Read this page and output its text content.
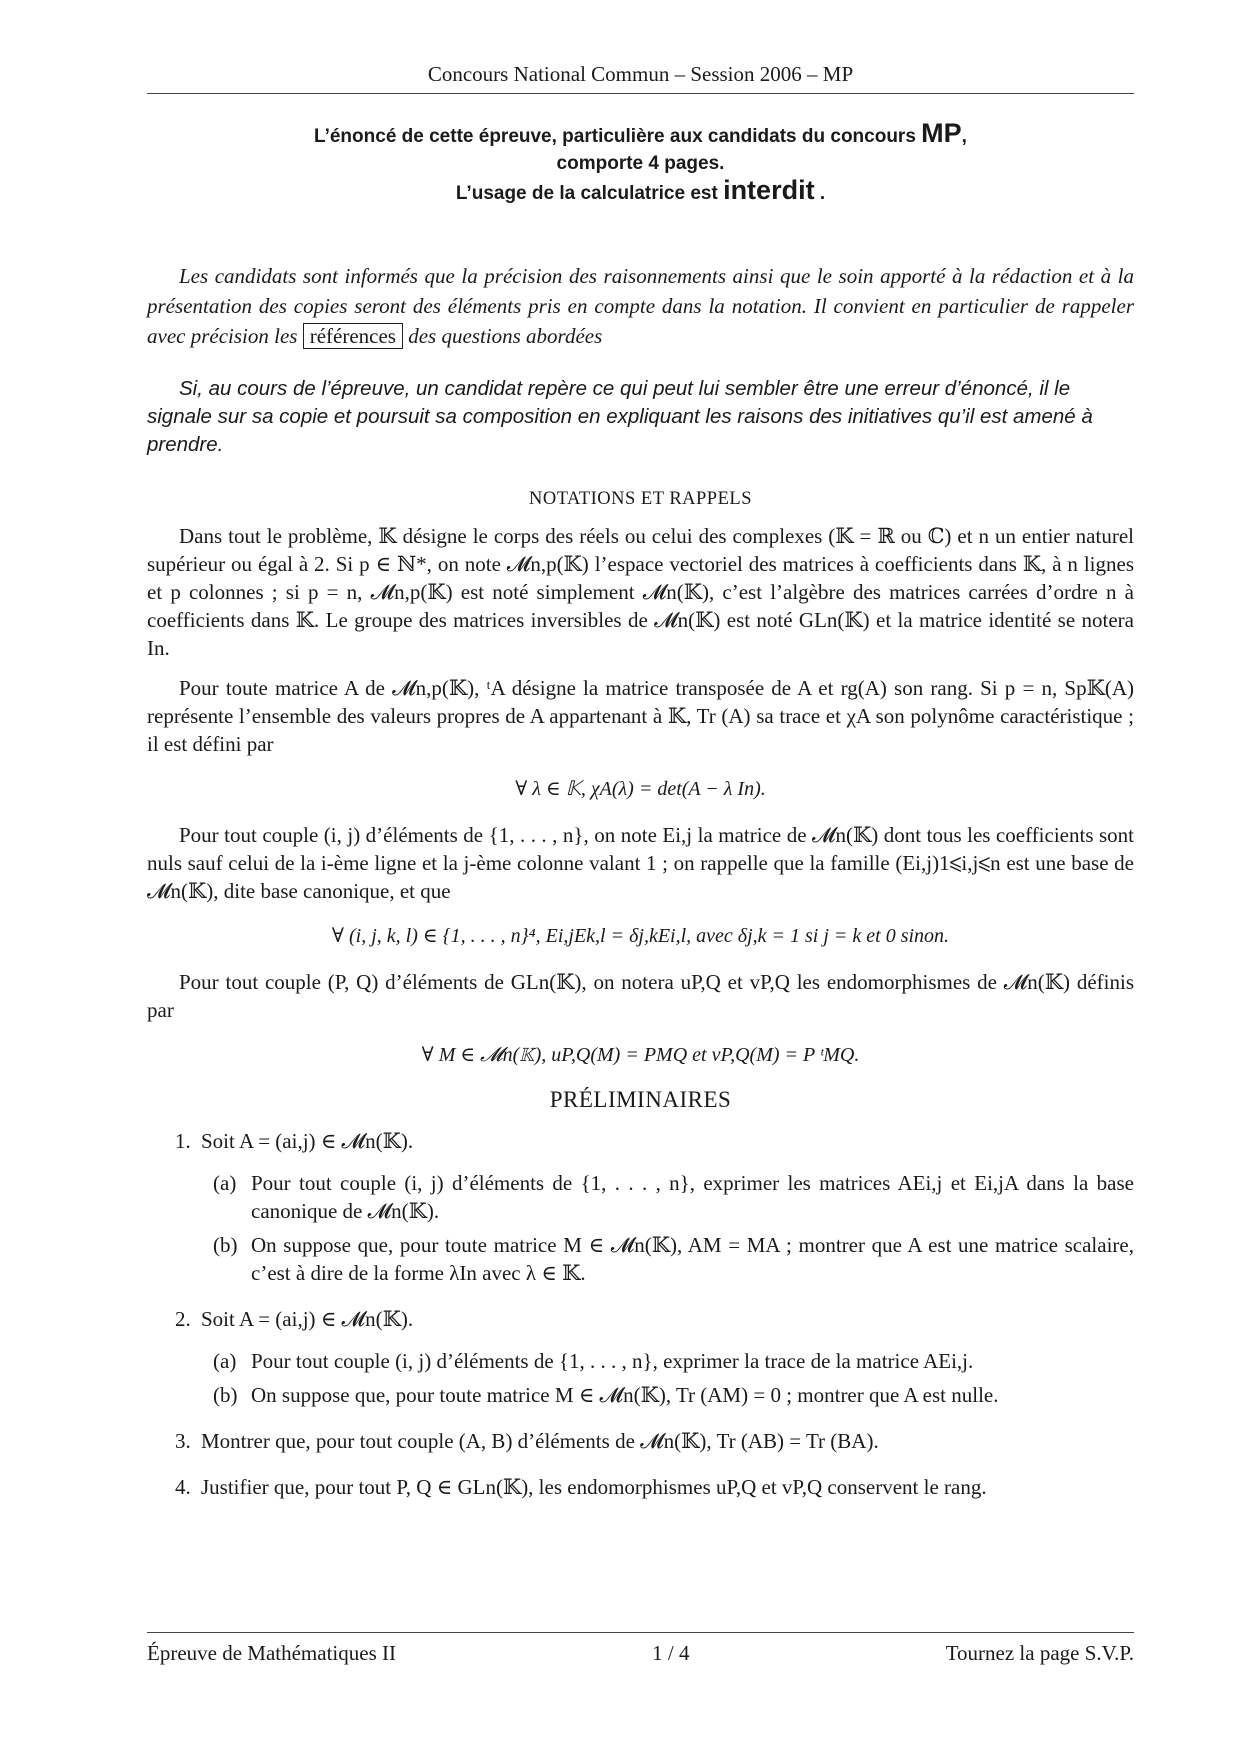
Concours National Commun – Session 2006 – MP
L’énoncé de cette épreuve, particulière aux candidats du concours MP,
comporte 4 pages.
L’usage de la calculatrice est interdit .
Les candidats sont informés que la précision des raisonnements ainsi que le soin apporté à la rédaction et à la présentation des copies seront des éléments pris en compte dans la notation. Il convient en particulier de rappeler avec précision les références des questions abordées
Si, au cours de l’épreuve, un candidat repère ce qui peut lui sembler être une erreur d’énoncé, il le signale sur sa copie et poursuit sa composition en expliquant les raisons des initiatives qu’il est amené à prendre.
NOTATIONS ET RAPPELS
Dans tout le problème, 𝕂 désigne le corps des réels ou celui des complexes (𝕂 = ℝ ou ℂ) et n un entier naturel supérieur ou égal à 2. Si p ∈ ℕ*, on note 𝓜n,p(𝕂) l’espace vectoriel des matrices à coefficients dans 𝕂, à n lignes et p colonnes ; si p = n, 𝓜n,p(𝕂) est noté simplement 𝓜n(𝕂), c’est l’algèbre des matrices carrées d’ordre n à coefficients dans 𝕂. Le groupe des matrices inversibles de 𝓜n(𝕂) est noté GLn(𝕂) et la matrice identité se notera In.
Pour toute matrice A de 𝓜n,p(𝕂), ᵗA désigne la matrice transposée de A et rg(A) son rang. Si p = n, Sp𝕂(A) représente l’ensemble des valeurs propres de A appartenant à 𝕂, Tr (A) sa trace et χA son polynôme caractéristique ; il est défini par
∀ λ ∈ 𝕂, χA(λ) = det(A − λ In).
Pour tout couple (i, j) d’éléments de {1, . . . , n}, on note Ei,j la matrice de 𝓜n(𝕂) dont tous les coefficients sont nuls sauf celui de la i-ème ligne et la j-ème colonne valant 1 ; on rappelle que la famille (Ei,j)1⩽i,j⩽n est une base de 𝓜n(𝕂), dite base canonique, et que
∀ (i, j, k, l) ∈ {1, . . . , n}⁴, Ei,jEk,l = δj,kEi,l, avec δj,k = 1 si j = k et 0 sinon.
Pour tout couple (P, Q) d’éléments de GLn(𝕂), on notera uP,Q et vP,Q les endomorphismes de 𝓜n(𝕂) définis par
∀ M ∈ 𝓜n(𝕂), uP,Q(M) = PMQ et vP,Q(M) = P ᵗMQ.
PRÉLIMINAIRES
1. Soit A = (ai,j) ∈ 𝓜n(𝕂).
(a) Pour tout couple (i, j) d’éléments de {1, . . . , n}, exprimer les matrices AEi,j et Ei,jA dans la base canonique de 𝓜n(𝕂).
(b) On suppose que, pour toute matrice M ∈ 𝓜n(𝕂), AM = MA ; montrer que A est une matrice scalaire, c’est à dire de la forme λIn avec λ ∈ 𝕂.
2. Soit A = (ai,j) ∈ 𝓜n(𝕂).
(a) Pour tout couple (i, j) d’éléments de {1, . . . , n}, exprimer la trace de la matrice AEi,j.
(b) On suppose que, pour toute matrice M ∈ 𝓜n(𝕂), Tr (AM) = 0 ; montrer que A est nulle.
3. Montrer que, pour tout couple (A, B) d’éléments de 𝓜n(𝕂), Tr (AB) = Tr (BA).
4. Justifier que, pour tout P, Q ∈ GLn(𝕂), les endomorphismes uP,Q et vP,Q conservent le rang.
Épreuve de Mathématiques II	1 / 4	Tournez la page S.V.P.
